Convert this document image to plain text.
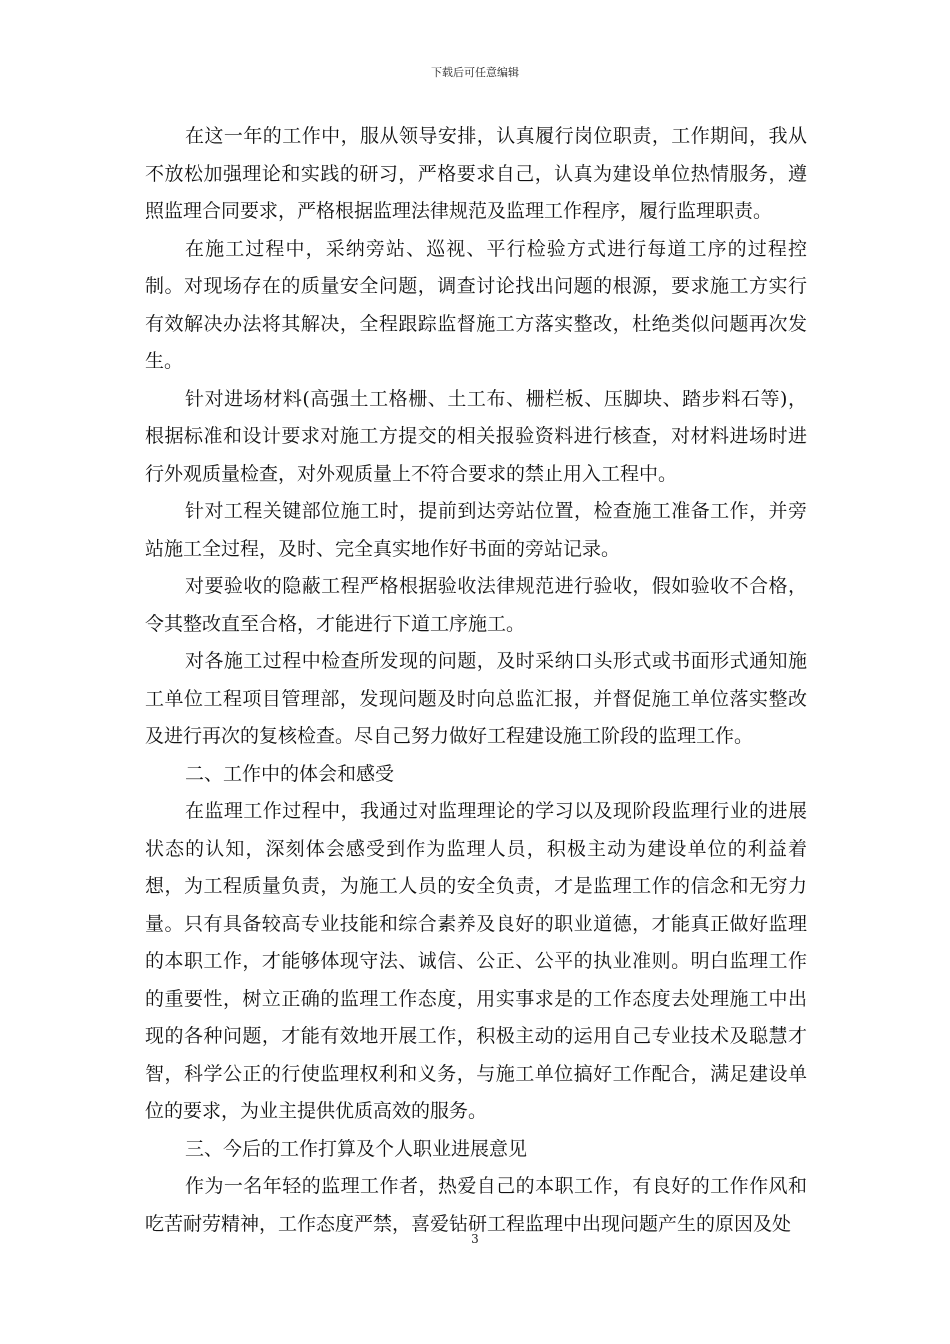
下载后可任意编辑

在这一年的工作中，服从领导安排，认真履行岗位职责，工作期间，我从不放松加强理论和实践的研习，严格要求自己，认真为建设单位热情服务，遵照监理合同要求，严格根据监理法律规范及监理工作程序，履行监理职责。

在施工过程中，采纳旁站、巡视、平行检验方式进行每道工序的过程控制。对现场存在的质量安全问题，调查讨论找出问题的根源，要求施工方实行有效解决办法将其解决，全程跟踪监督施工方落实整改，杜绝类似问题再次发生。

针对进场材料(高强土工格栅、土工布、栅栏板、压脚块、踏步料石等)，根据标准和设计要求对施工方提交的相关报验资料进行核查，对材料进场时进行外观质量检查，对外观质量上不符合要求的禁止用入工程中。

针对工程关键部位施工时，提前到达旁站位置，检查施工准备工作，并旁站施工全过程，及时、完全真实地作好书面的旁站记录。

对要验收的隐蔽工程严格根据验收法律规范进行验收，假如验收不合格，令其整改直至合格，才能进行下道工序施工。

对各施工过程中检查所发现的问题，及时采纳口头形式或书面形式通知施工单位工程项目管理部，发现问题及时向总监汇报，并督促施工单位落实整改及进行再次的复核检查。尽自己努力做好工程建设施工阶段的监理工作。

二、工作中的体会和感受

在监理工作过程中，我通过对监理理论的学习以及现阶段监理行业的进展状态的认知，深刻体会感受到作为监理人员，积极主动为建设单位的利益着想，为工程质量负责，为施工人员的安全负责，才是监理工作的信念和无穷力量。只有具备较高专业技能和综合素养及良好的职业道德，才能真正做好监理的本职工作，才能够体现守法、诚信、公正、公平的执业准则。明白监理工作的重要性，树立正确的监理工作态度，用实事求是的工作态度去处理施工中出现的各种问题，才能有效地开展工作，积极主动的运用自己专业技术及聪慧才智，科学公正的行使监理权利和义务，与施工单位搞好工作配合，满足建设单位的要求，为业主提供优质高效的服务。

三、今后的工作打算及个人职业进展意见

作为一名年轻的监理工作者，热爱自己的本职工作，有良好的工作作风和吃苦耐劳精神，工作态度严禁，喜爱钻研工程监理中出现问题产生的原因及处

3
